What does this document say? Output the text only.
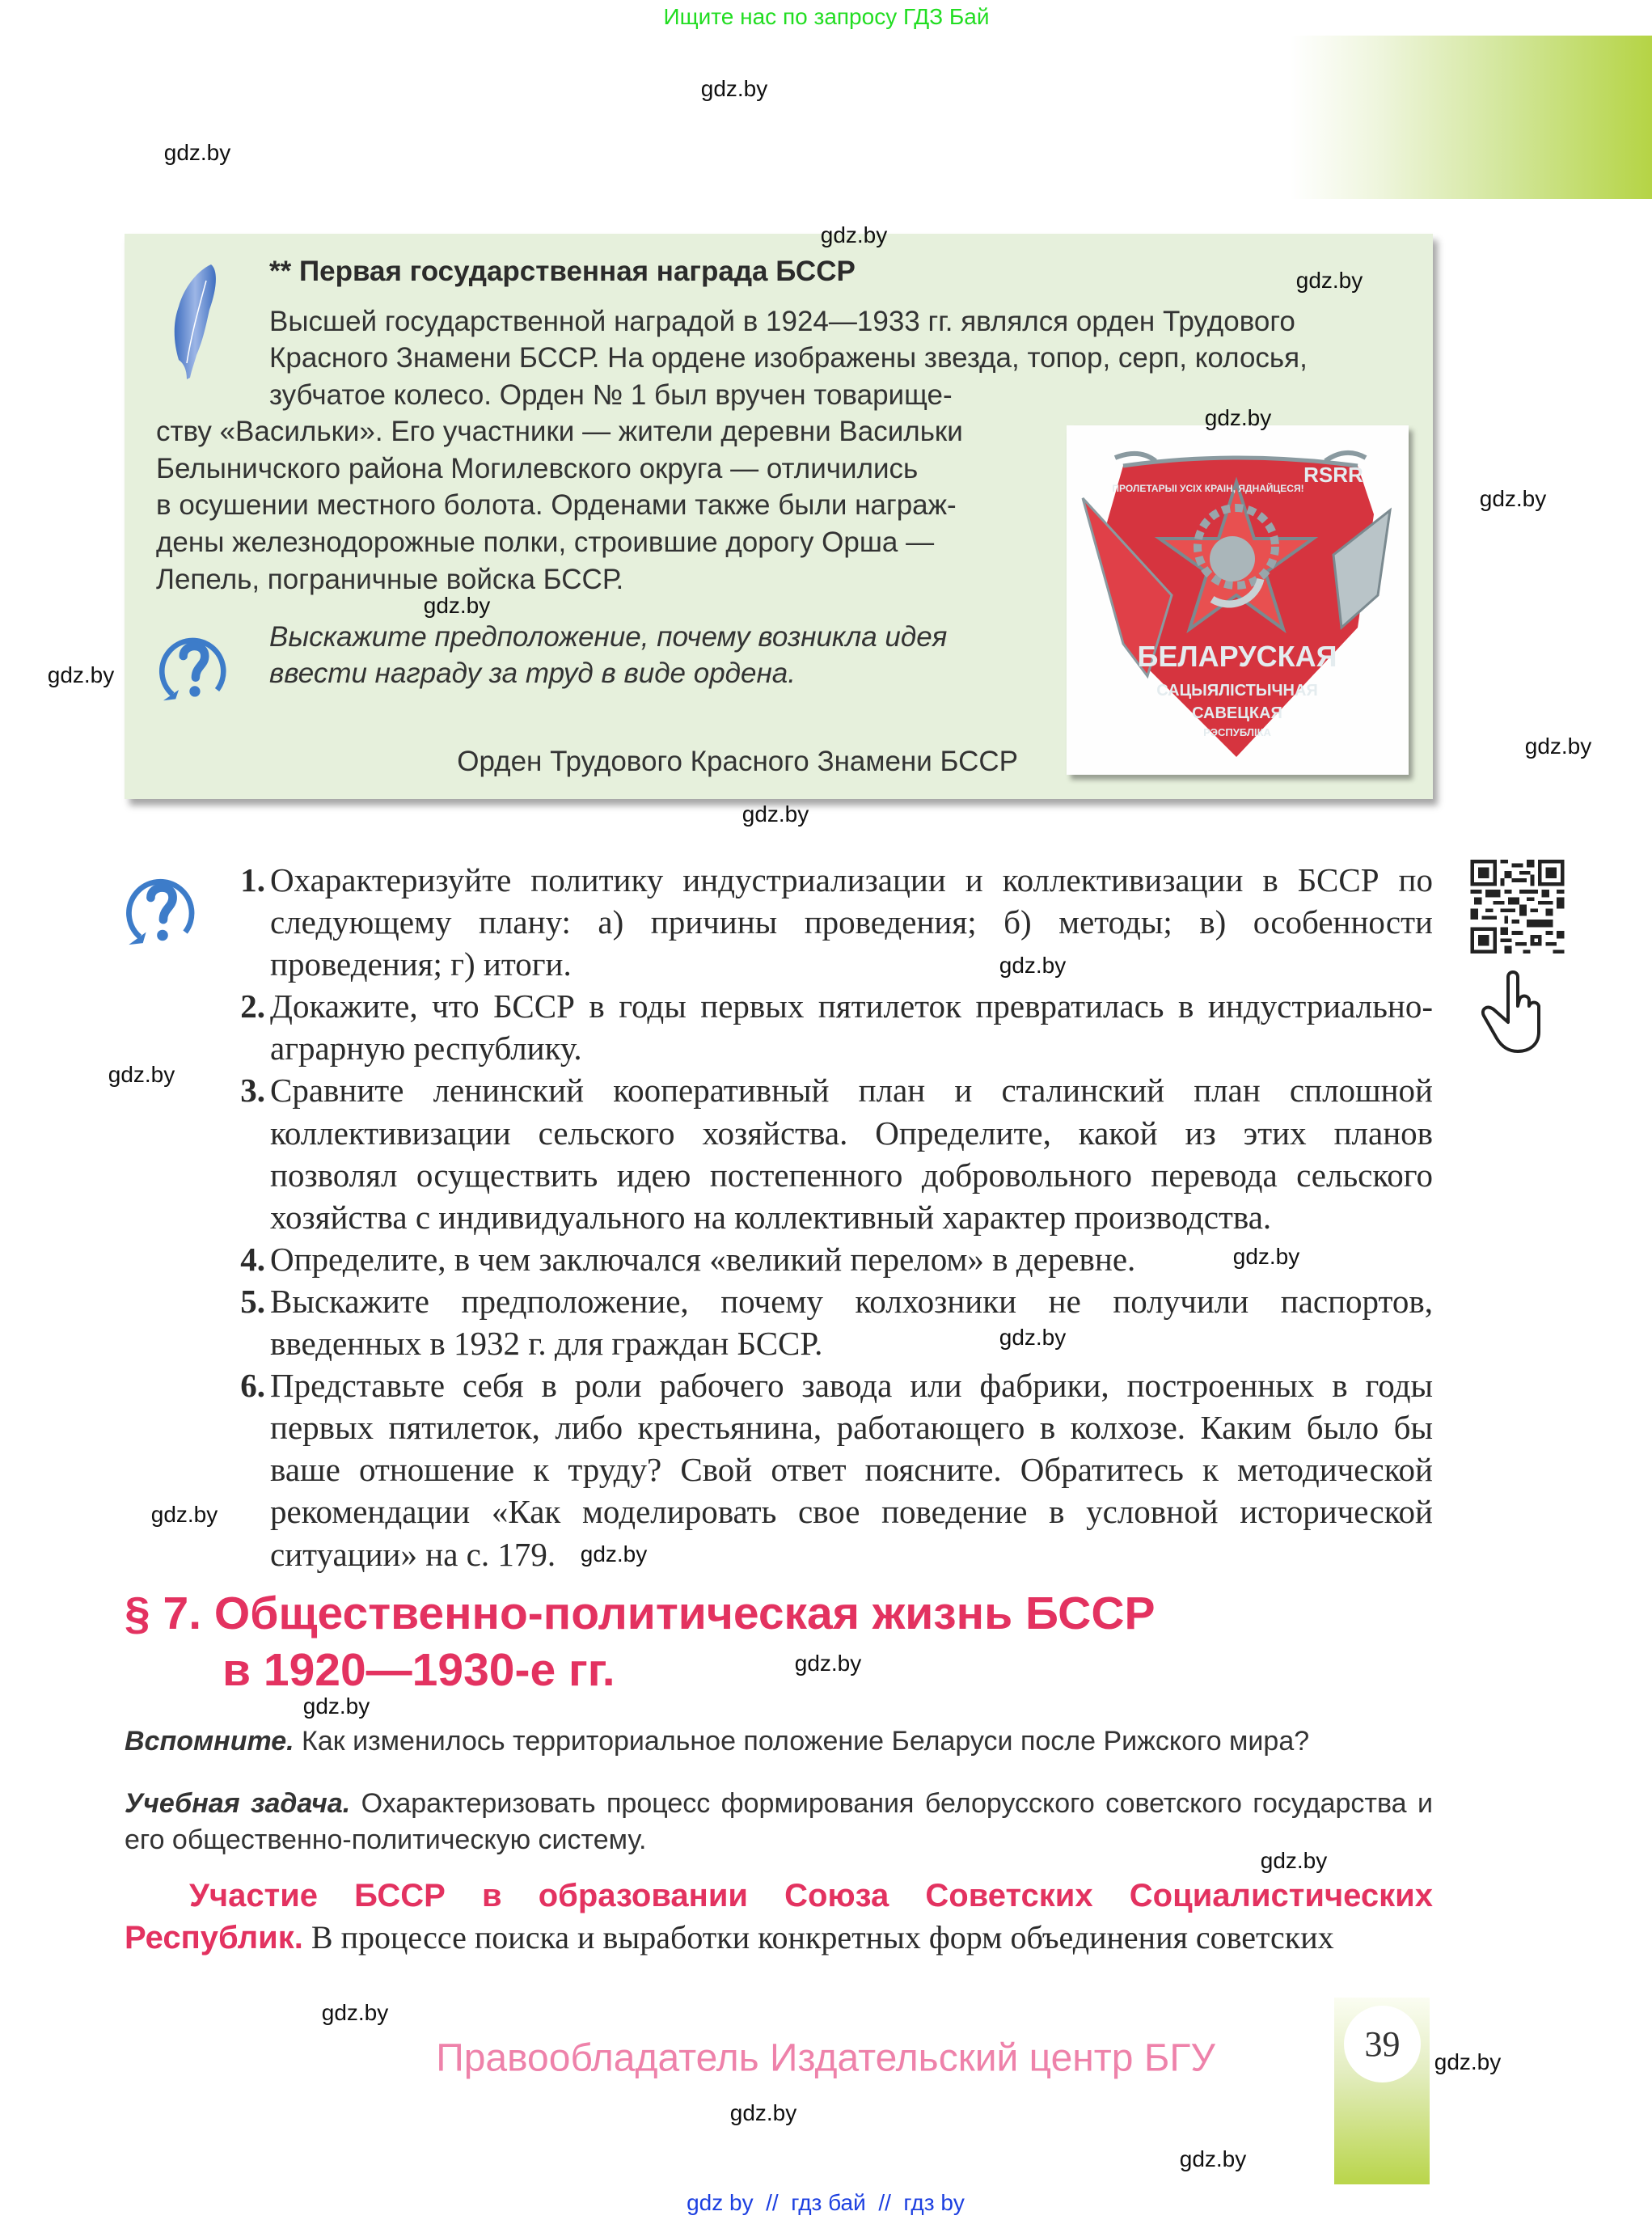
Ищите нас по запросу ГДЗ Бай
** Первая государственная награда БССР
Высшей государственной наградой в 1924—1933 гг. являлся орден Трудового
Красного Знамени БССР. На ордене изображены звезда, топор, серп, колосья,
зубчатое колесо. Орден № 1 был вручен товарище-
ству «Васильки». Его участники — жители деревни Васильки
Белыничского района Могилевского округа — отличились
в осушении местного болота. Орденами также были награж-
дены железнодорожные полки, строившие дорогу Орша —
Лепель, пограничные войска БССР.
Выскажите предположение, почему возникла идея
ввести награду за труд в виде ордена.
БЕЛАРУСКАЯ
САЦЫЯЛІСТЫЧНАЯ
САВЕЦКАЯ
РЭСПУБЛІКА
RSRR
ПРОЛЕТАРЫІ УСІХ КРАІН, ЯДНАЙЦЕСЯ!
Орден Трудового Красного Знамени БССР
1. Охарактеризуйте политику индустриализации и коллективизации в БССР по следующему плану: а) причины проведения; б) методы; в) особенности проведения; г) итоги.
2. Докажите, что БССР в годы первых пятилеток превратилась в индустриально-аграрную республику.
3. Сравните ленинский кооперативный план и сталинский план сплошной коллективизации сельского хозяйства. Определите, какой из этих планов позволял осуществить идею постепенного добровольного перевода сельского хозяйства с индивидуального на коллективный характер производства.
4. Определите, в чем заключался «великий перелом» в деревне.
5. Выскажите предположение, почему колхозники не получили паспортов, введенных в 1932 г. для граждан БССР.
6. Представьте себя в роли рабочего завода или фабрики, построенных в годы первых пятилеток, либо крестьянина, работающего в колхозе. Каким было бы ваше отношение к труду? Свой ответ поясните. Обратитесь к методической рекомендации «Как моделировать свое поведение в условной исторической ситуации» на с. 179.
§ 7. Общественно-политическая жизнь БССР
в 1920—1930-е гг.
Вспомните. Как изменилось территориальное положение Беларуси после Рижского мира?
Учебная задача. Охарактеризовать процесс формирования белорусского советского государства и его общественно-политическую систему.
Участие БССР в образовании Союза Советских Социалистических Республик. В процессе поиска и выработки конкретных форм объединения советских
Правообладатель Издательский центр БГУ	39
gdz by  //  гдз бай  //  гдз by
gdz.by
gdz.by
gdz.by
gdz.by
gdz.by
gdz.by
gdz.by
gdz.by
gdz.by
gdz.by
gdz.by
gdz.by
gdz.by
gdz.by
gdz.by
gdz.by
gdz.by
gdz.by
gdz.by
gdz.by
gdz.by
gdz.by
gdz.by
